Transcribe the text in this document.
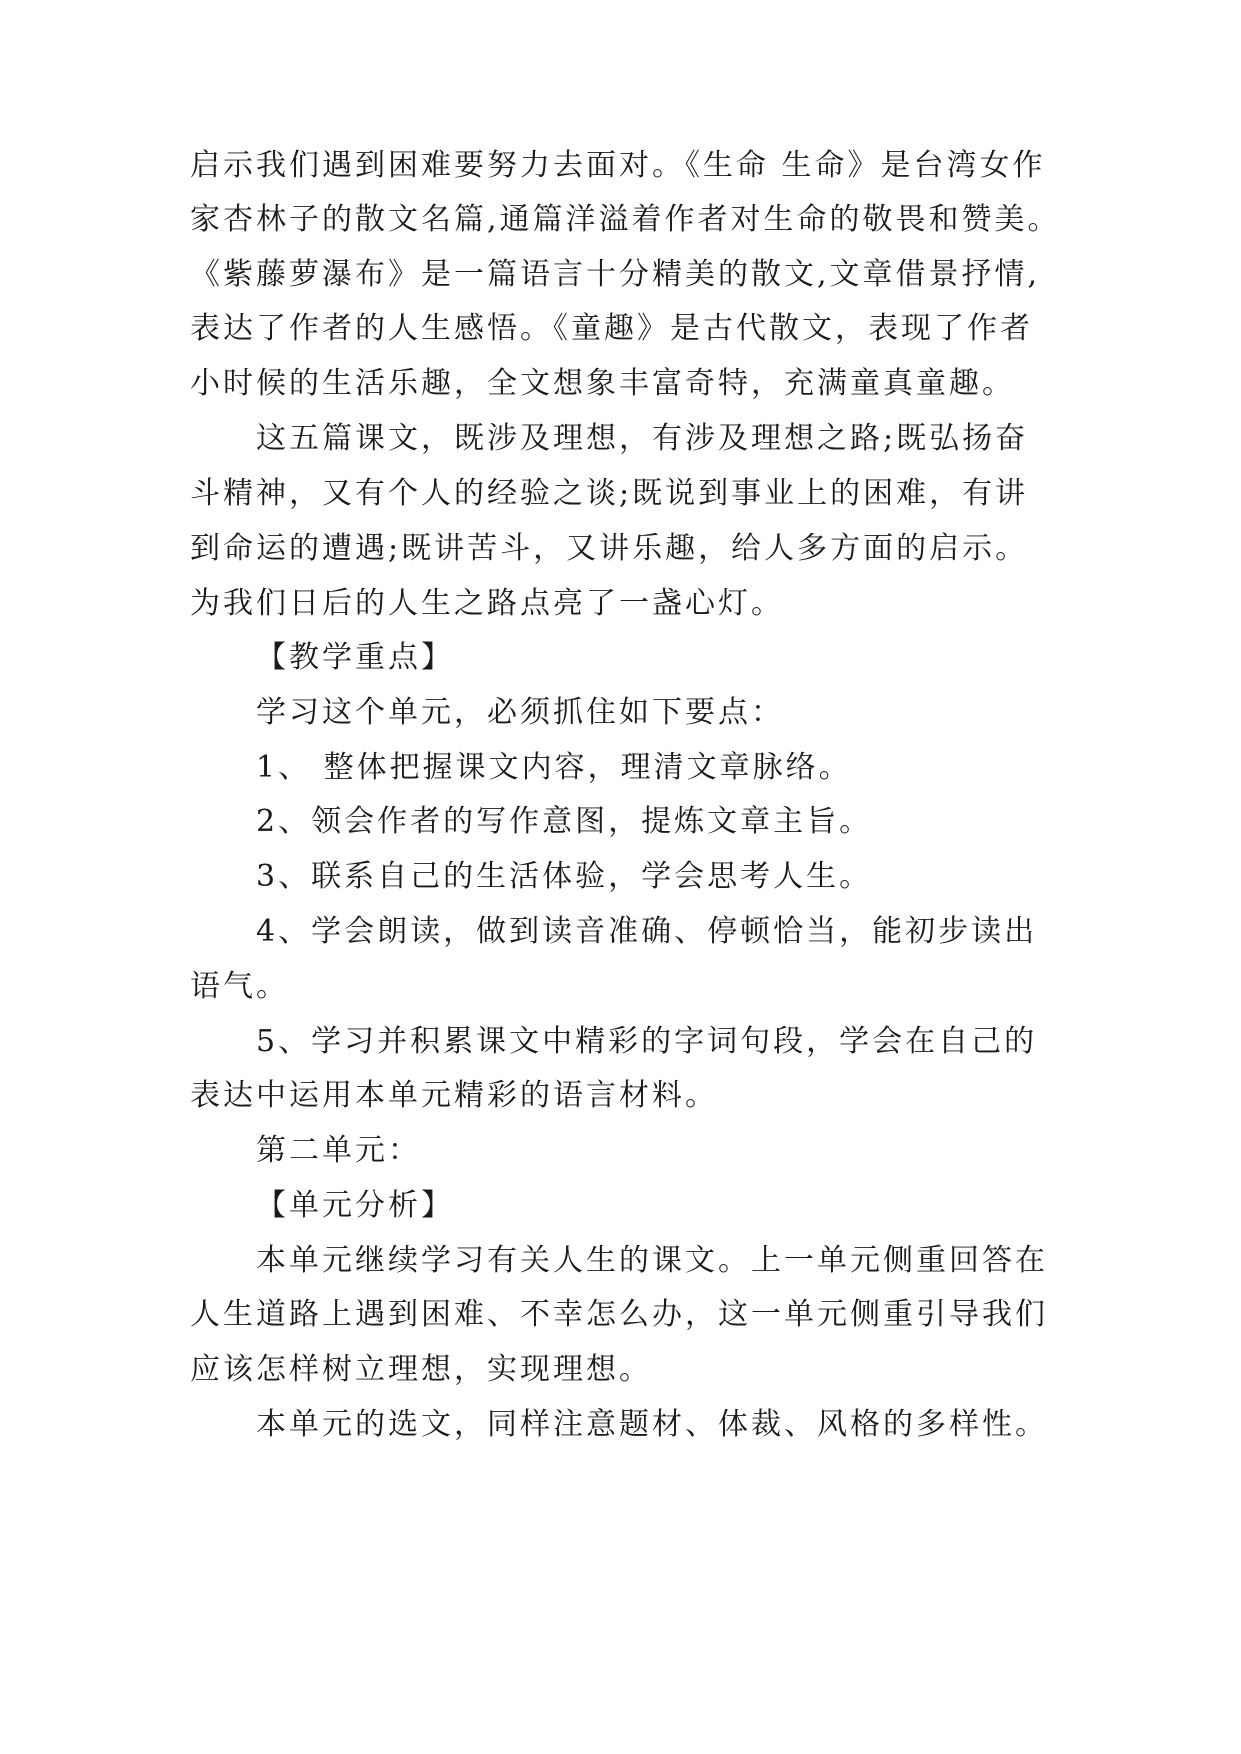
启示我们遇到困难要努力去面对。《生命 生命》是台湾女作
家杏林子的散文名篇,通篇洋溢着作者对生命的敬畏和赞美。
《紫藤萝瀑布》是一篇语言十分精美的散文,文章借景抒情,
表达了作者的人生感悟。《童趣》是古代散文，表现了作者
小时候的生活乐趣，全文想象丰富奇特，充满童真童趣。
这五篇课文，既涉及理想，有涉及理想之路;既弘扬奋
斗精神，又有个人的经验之谈;既说到事业上的困难，有讲
到命运的遭遇;既讲苦斗，又讲乐趣，给人多方面的启示。
为我们日后的人生之路点亮了一盏心灯。
【教学重点】
学习这个单元，必须抓住如下要点：
1、 整体把握课文内容，理清文章脉络。
2、领会作者的写作意图，提炼文章主旨。
3、联系自己的生活体验，学会思考人生。
4、学会朗读，做到读音准确、停顿恰当，能初步读出
语气。
5、学习并积累课文中精彩的字词句段，学会在自己的
表达中运用本单元精彩的语言材料。
第二单元：
【单元分析】
本单元继续学习有关人生的课文。上一单元侧重回答在
人生道路上遇到困难、不幸怎么办，这一单元侧重引导我们
应该怎样树立理想，实现理想。
本单元的选文，同样注意题材、体裁、风格的多样性。
